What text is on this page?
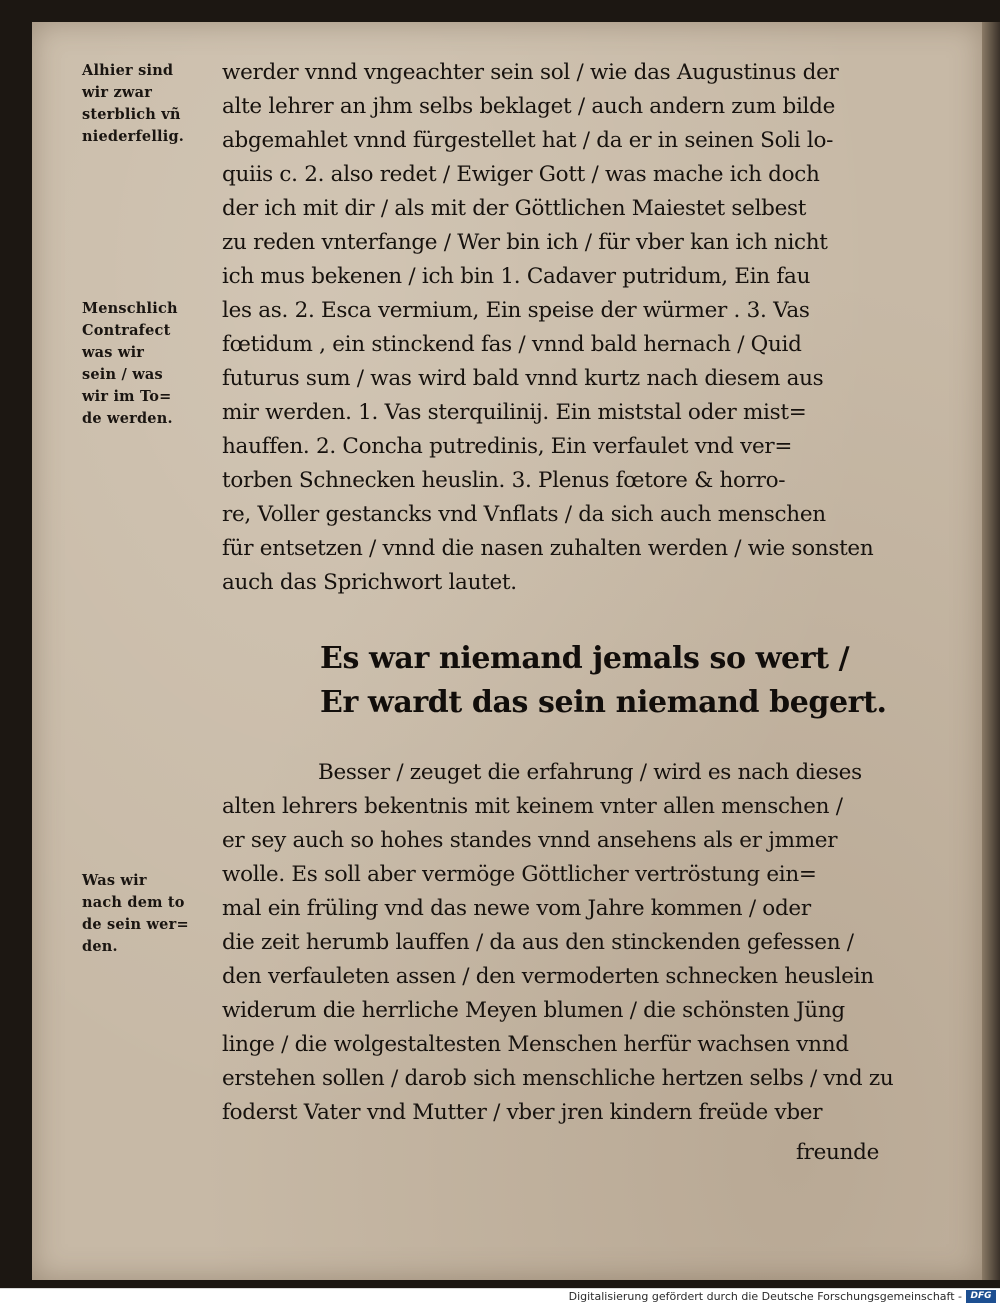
Alhier sind
wir zwar
sterblich vñ
niederfellig.
Menschlich
Contrafect
was wir
sein / was
wir im To=
de werden.
Was wir
nach dem to
de sein wer=
den.
werder vnnd vngeachter sein sol / wie das Augustinus der
alte lehrer an jhm selbs beklaget / auch andern zum bilde
abgemahlet vnnd fürgestellet hat / da er in seinen Soli lo-
quiis c. 2. also redet / Ewiger Gott / was mache ich doch
der ich mit dir / als mit der Göttlichen Maiestet selbest
zu reden vnterfange / Wer bin ich / für vber kan ich nicht
ich mus bekenen / ich bin 1. Cadaver putridum, Ein fau
les as. 2. Esca vermium, Ein speise der würmer . 3. Vas
fœtidum , ein stinckend fas / vnnd bald hernach / Quid
futurus sum / was wird bald vnnd kurtz nach diesem aus
mir werden. 1. Vas sterquilinij. Ein miststal oder mist=
hauffen. 2. Concha putredinis, Ein verfaulet vnd ver=
torben Schnecken heuslin. 3. Plenus fœtore & horro-
re, Voller gestancks vnd Vnflats / da sich auch menschen
für entsetzen / vnnd die nasen zuhalten werden / wie sonsten
auch das Sprichwort lautet.
Es war niemand jemals so wert /
Er wardt das sein niemand begert.
Besser / zeuget die erfahrung / wird es nach dieses
alten lehrers bekentnis mit keinem vnter allen menschen /
er sey auch so hohes standes vnnd ansehens als er jmmer
wolle. Es soll aber vermöge Göttlicher vertröstung ein=
mal ein früling vnd das newe vom Jahre kommen / oder
die zeit herumb lauffen / da aus den stinckenden gefessen /
den verfauleten assen / den vermoderten schnecken heuslein
widerum die herrliche Meyen blumen / die schönsten Jüng
linge / die wolgestaltesten Menschen herfür wachsen vnnd
erstehen sollen / darob sich menschliche hertzen selbs / vnd zu
foderst Vater vnd Mutter / vber jren kindern freüde vber
freunde
Digitalisierung gefördert durch die Deutsche Forschungsgemeinschaft - DFG
